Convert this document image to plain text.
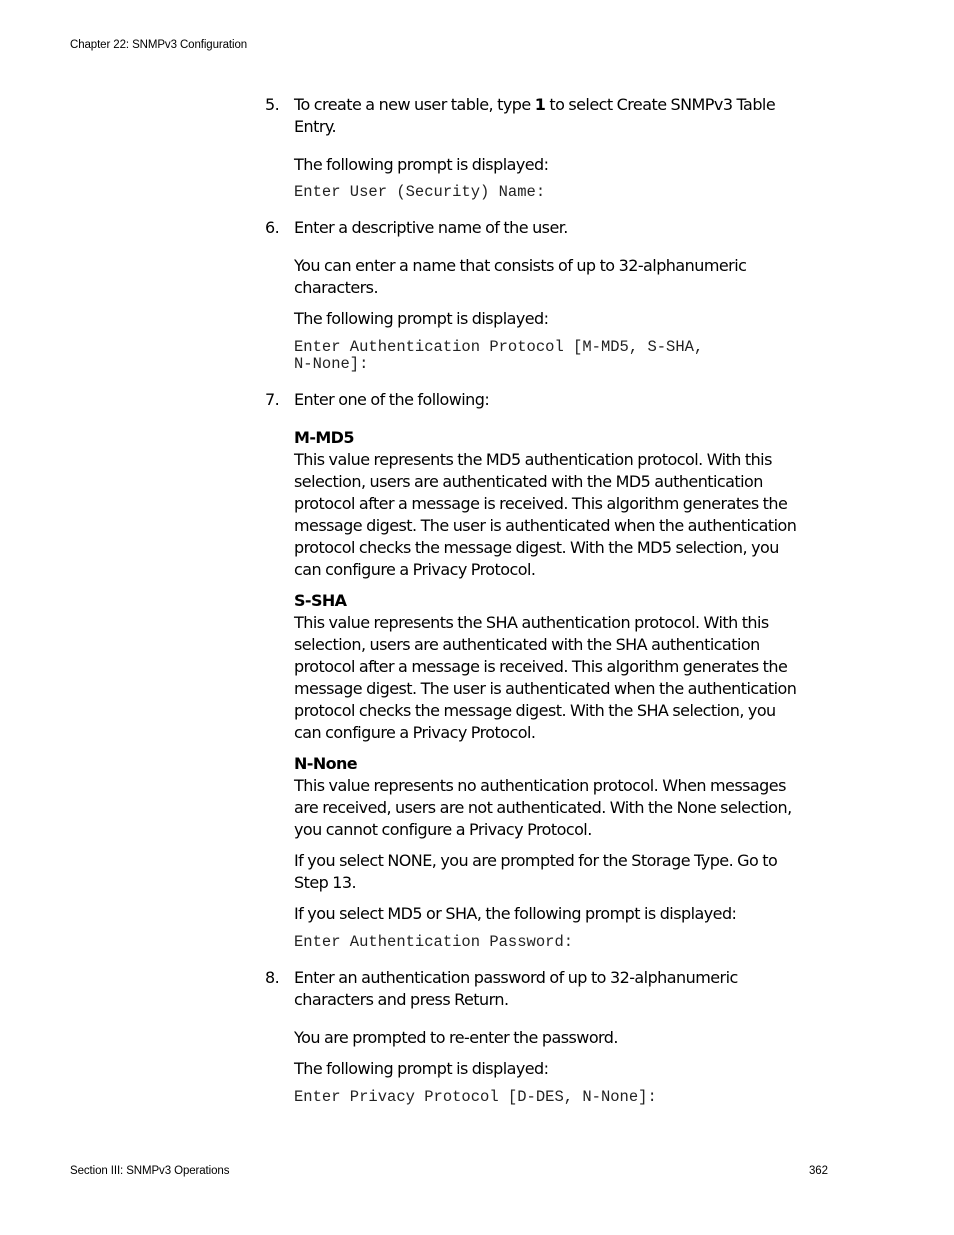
Chapter 22: SNMPv3 Configuration
5. To create a new user table, type 1 to select Create SNMPv3 Table Entry.

The following prompt is displayed:

Enter User (Security) Name:

6. Enter a descriptive name of the user.

You can enter a name that consists of up to 32-alphanumeric characters.

The following prompt is displayed:

Enter Authentication Protocol [M-MD5, S-SHA,

N-None]:

7. Enter one of the following:

M-MD5

This value represents the MD5 authentication protocol. With this selection, users are authenticated with the MD5 authentication protocol after a message is received. This algorithm generates the message digest. The user is authenticated when the authentication protocol checks the message digest. With the MD5 selection, you can configure a Privacy Protocol.

S-SHA

This value represents the SHA authentication protocol. With this selection, users are authenticated with the SHA authentication protocol after a message is received. This algorithm generates the message digest. The user is authenticated when the authentication protocol checks the message digest. With the SHA selection, you can configure a Privacy Protocol.

N-None

This value represents no authentication protocol. When messages are received, users are not authenticated. With the None selection, you cannot configure a Privacy Protocol.

If you select NONE, you are prompted for the Storage Type. Go to Step 13.

If you select MD5 or SHA, the following prompt is displayed:

Enter Authentication Password:

8. Enter an authentication password of up to 32-alphanumeric characters and press Return.

You are prompted to re-enter the password.

The following prompt is displayed:

Enter Privacy Protocol [D-DES, N-None]:

Section III: SNMPv3 Operations	362
